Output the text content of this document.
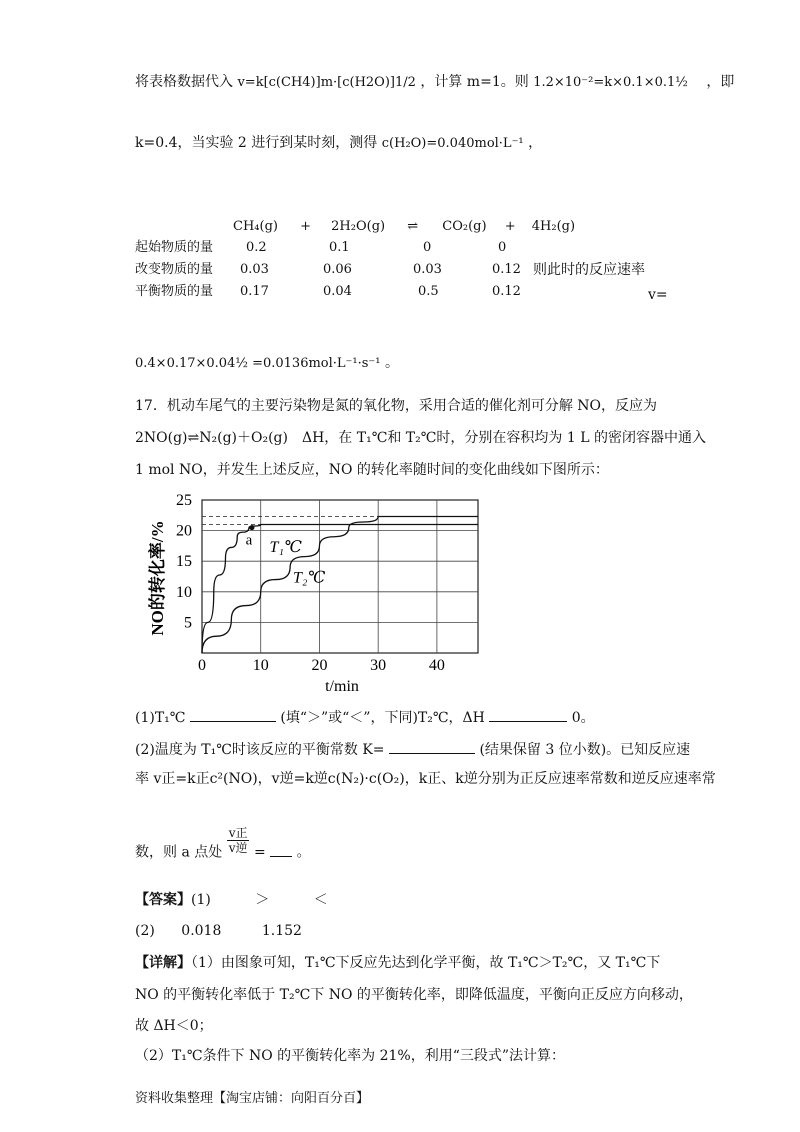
将表格数据代入 v=k[c(CH4)]m·[c(H2O)]1/2 ，计算 m=1。则 1.2×10⁻²=k×0.1×0.1½ ，即
k=0.4，当实验 2 进行到某时刻，测得 c(H₂O)=0.040mol·L⁻¹ ，
CH₄(g) + 2H₂O(g) ⇌ CO₂(g) + 4H₂(g)
起始物质的量	0.2	0.1	0	0
改变物质的量 0.03	0.06	0.03	0.12 则此时的反应速率
平衡物质的量 0.17	0.04	0.5	0.12	v=
0.4×0.17×0.04½ =0.0136mol·L⁻¹·s⁻¹ 。
17．机动车尾气的主要污染物是氮的氧化物，采用合适的催化剂可分解 NO，反应为
2NO(g)⇌N₂(g)＋O₂(g)　ΔH，在 T₁℃和 T₂℃时，分别在容积均为 1 L 的密闭容器中通入
1 mol NO，并发生上述反应，NO 的转化率随时间的变化曲线如下图所示：
T₁℃
T₂℃
a
5
10
15
20
25
0	10	20	30	40
NO的转化率/%
t/min
(1)T₁℃	(填“＞”或“＜”，下同)T₂℃，ΔH	0。
(2)温度为 T₁℃时该反应的平衡常数 K=	(结果保留 3 位小数)。已知反应速
率 v正=k正c²(NO)，v逆=k逆c(N₂)·c(O₂)，k正、k逆分别为正反应速率常数和逆反应速率常
数，则 a 点处 $\frac{\text{v正}}{\text{v逆}}$ = 。
【答案】(1)	＞	＜
(2) 0.018	1.152
【详解】（1）由图象可知，T₁℃下反应先达到化学平衡，故 T₁℃＞T₂℃，又 T₁℃下
NO 的平衡转化率低于 T₂℃下 NO 的平衡转化率，即降低温度，平衡向正反应方向移动，
故 ΔH＜0；
（2）T₁℃条件下 NO 的平衡转化率为 21%，利用“三段式”法计算：
资料收集整理【淘宝店铺：向阳百分百】
